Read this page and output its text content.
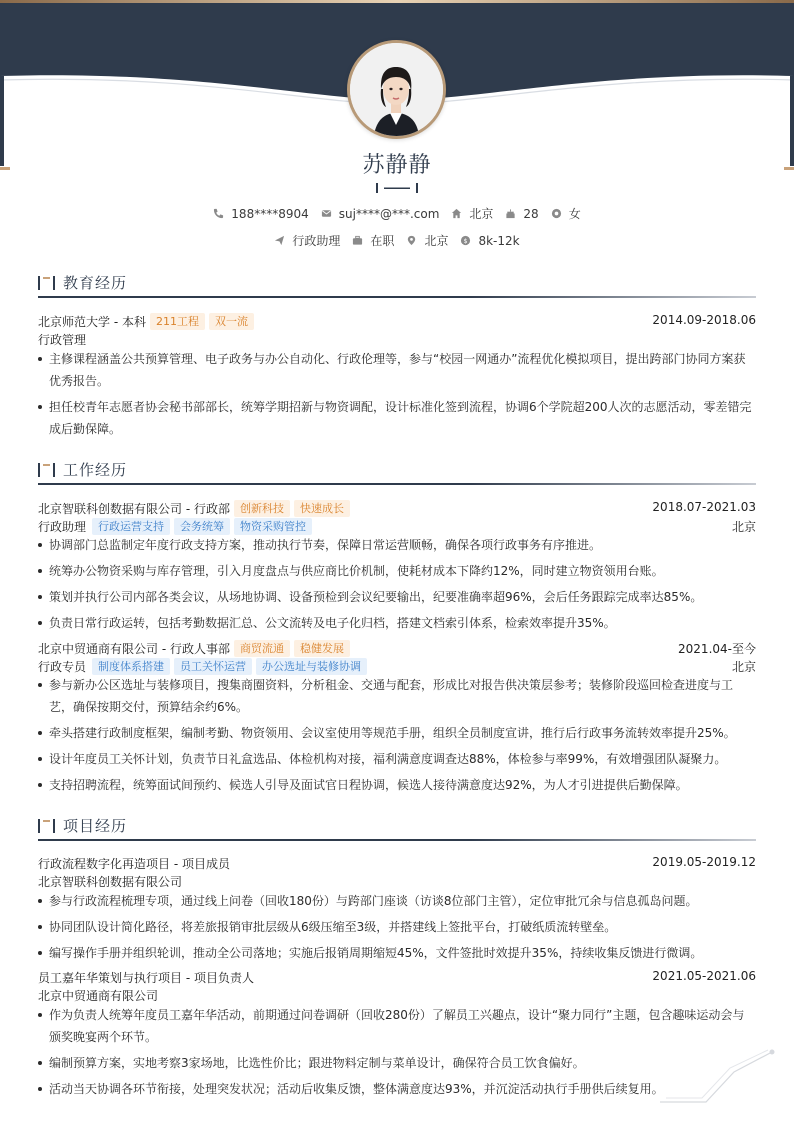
苏静静
188****8904	suj****@***.com	北京	28	女
行政助理	在职	北京 $ 8k-12k
教育经历
北京师范大学 - 本科 211工程	双一流	2014.09-2018.06
行政管理
主修课程涵盖公共预算管理、电子政务与办公自动化、行政伦理等，参与“校园一网通办”流程优化模拟项目，提出跨部门协同方案获优秀报告。
担任校青年志愿者协会秘书部部长，统筹学期招新与物资调配，设计标准化签到流程，协调6个学院超200人次的志愿活动，零差错完成后勤保障。
工作经历
北京智联科创数据有限公司 - 行政部 创新科技	快速成长	2018.07-2021.03
行政助理	行政运营支持	会务统筹	物资采购管控	北京
协调部门总监制定年度行政支持方案，推动执行节奏，保障日常运营顺畅，确保各项行政事务有序推进。
统筹办公物资采购与库存管理，引入月度盘点与供应商比价机制，使耗材成本下降约12%，同时建立物资领用台账。
策划并执行公司内部各类会议，从场地协调、设备预检到会议纪要输出，纪要准确率超96%，会后任务跟踪完成率达85%。
负责日常行政运转，包括考勤数据汇总、公文流转及电子化归档，搭建文档索引体系，检索效率提升35%。
北京中贸通商有限公司 - 行政人事部 商贸流通	稳健发展	2021.04-至今
行政专员	制度体系搭建	员工关怀运营	办公选址与装修协调	北京
参与新办公区选址与装修项目，搜集商圈资料，分析租金、交通与配套，形成比对报告供决策层参考；装修阶段巡回检查进度与工艺，确保按期交付，预算结余约6%。
牵头搭建行政制度框架，编制考勤、物资领用、会议室使用等规范手册，组织全员制度宣讲，推行后行政事务流转效率提升25%。
设计年度员工关怀计划，负责节日礼盒选品、体检机构对接，福利满意度调查达88%，体检参与率99%，有效增强团队凝聚力。
支持招聘流程，统筹面试间预约、候选人引导及面试官日程协调，候选人接待满意度达92%，为人才引进提供后勤保障。
项目经历
行政流程数字化再造项目 - 项目成员	2019.05-2019.12
北京智联科创数据有限公司
参与行政流程梳理专项，通过线上问卷（回收180份）与跨部门座谈（访谈8位部门主管），定位审批冗余与信息孤岛问题。
协同团队设计简化路径，将差旅报销审批层级从6级压缩至3级，并搭建线上签批平台，打破纸质流转壁垒。
编写操作手册并组织轮训，推动全公司落地；实施后报销周期缩短45%，文件签批时效提升35%，持续收集反馈进行微调。
员工嘉年华策划与执行项目 - 项目负责人	2021.05-2021.06
北京中贸通商有限公司
作为负责人统筹年度员工嘉年华活动，前期通过问卷调研（回收280份）了解员工兴趣点，设计“聚力同行”主题，包含趣味运动会与颁奖晚宴两个环节。
编制预算方案，实地考察3家场地，比选性价比；跟进物料定制与菜单设计，确保符合员工饮食偏好。
活动当天协调各环节衔接，处理突发状况；活动后收集反馈，整体满意度达93%，并沉淀活动执行手册供后续复用。
